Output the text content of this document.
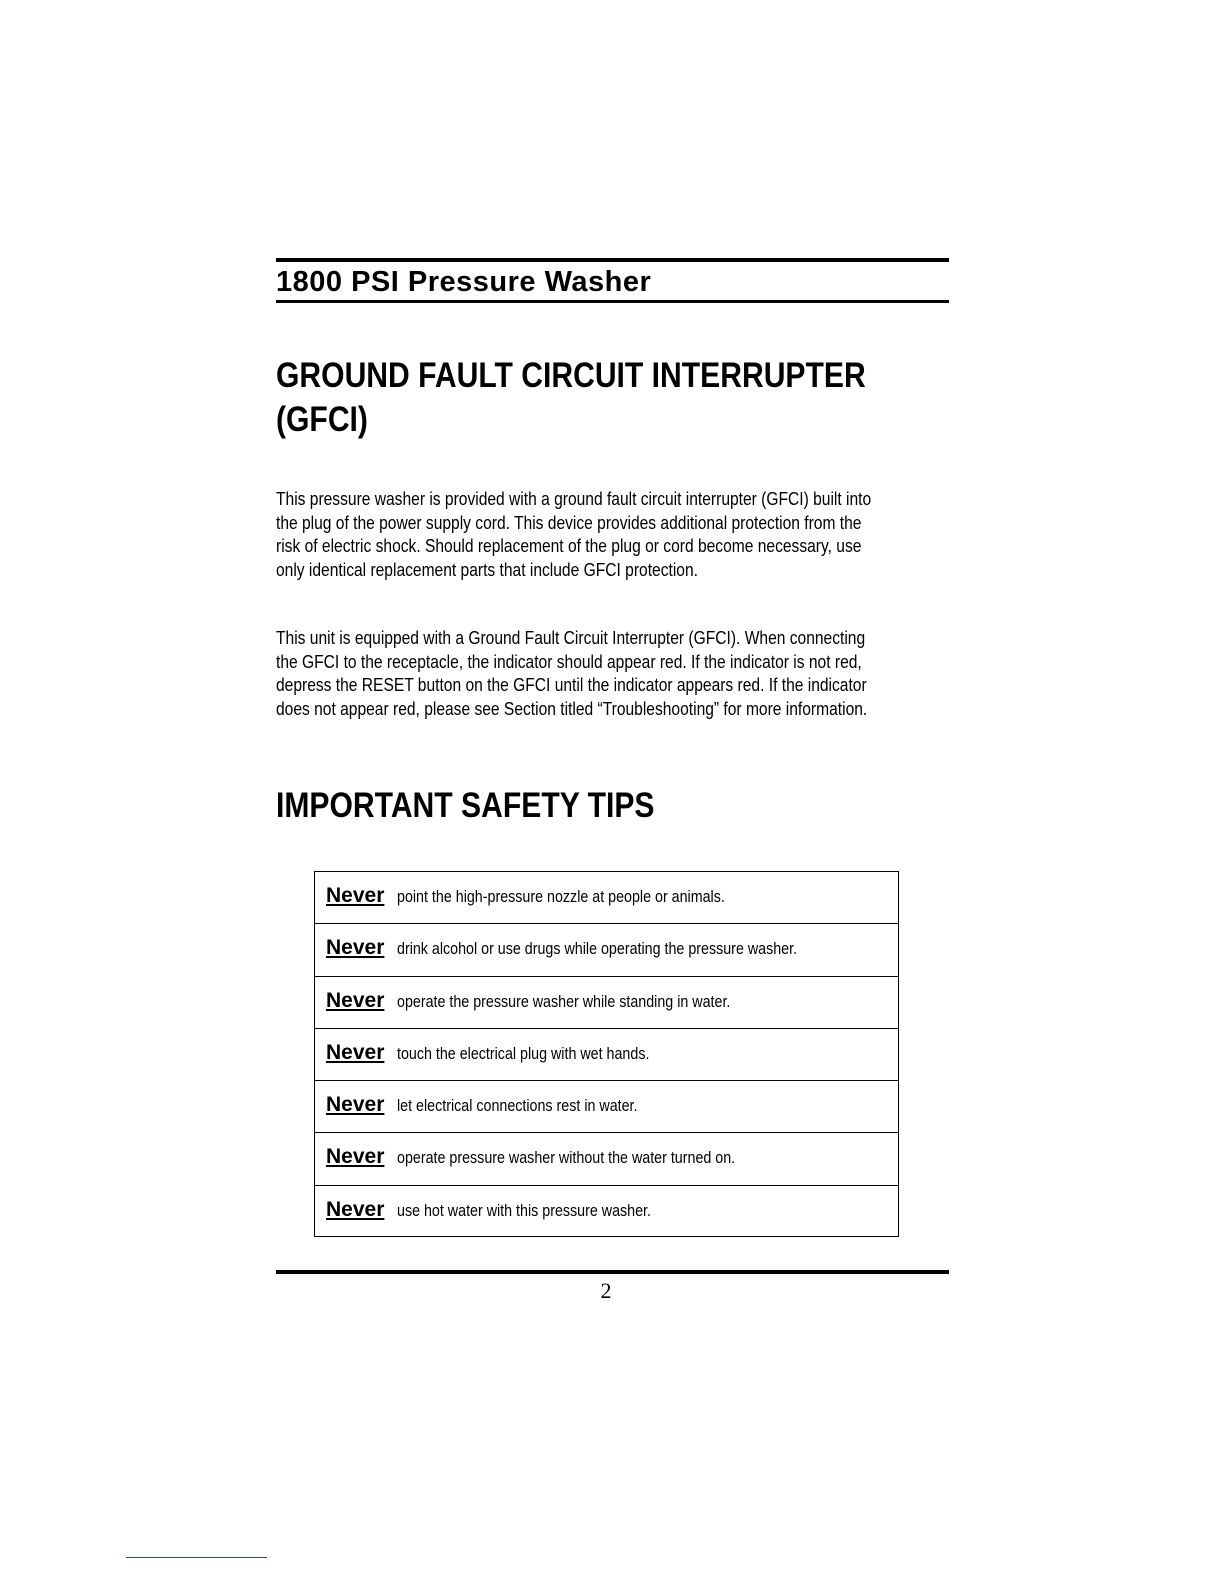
1800 PSI Pressure Washer
GROUND FAULT CIRCUIT INTERRUPTER
(GFCI)
This pressure washer is provided with a ground fault circuit interrupter (GFCI) built into
the plug of the power supply cord. This device provides additional protection from the
risk of electric shock. Should replacement of the plug or cord become necessary, use
only identical replacement parts that include GFCI protection.
This unit is equipped with a Ground Fault Circuit Interrupter (GFCI). When connecting
the GFCI to the receptacle, the indicator should appear red. If the indicator is not red,
depress the RESET button on the GFCI until the indicator appears red. If the indicator
does not appear red, please see Section titled “Troubleshooting” for more information.
IMPORTANT SAFETY TIPS
Never point the high-pressure nozzle at people or animals.
Never drink alcohol or use drugs while operating the pressure washer.
Never operate the pressure washer while standing in water.
Never touch the electrical plug with wet hands.
Never let electrical connections rest in water.
Never operate pressure washer without the water turned on.
Never use hot water with this pressure washer.
2
